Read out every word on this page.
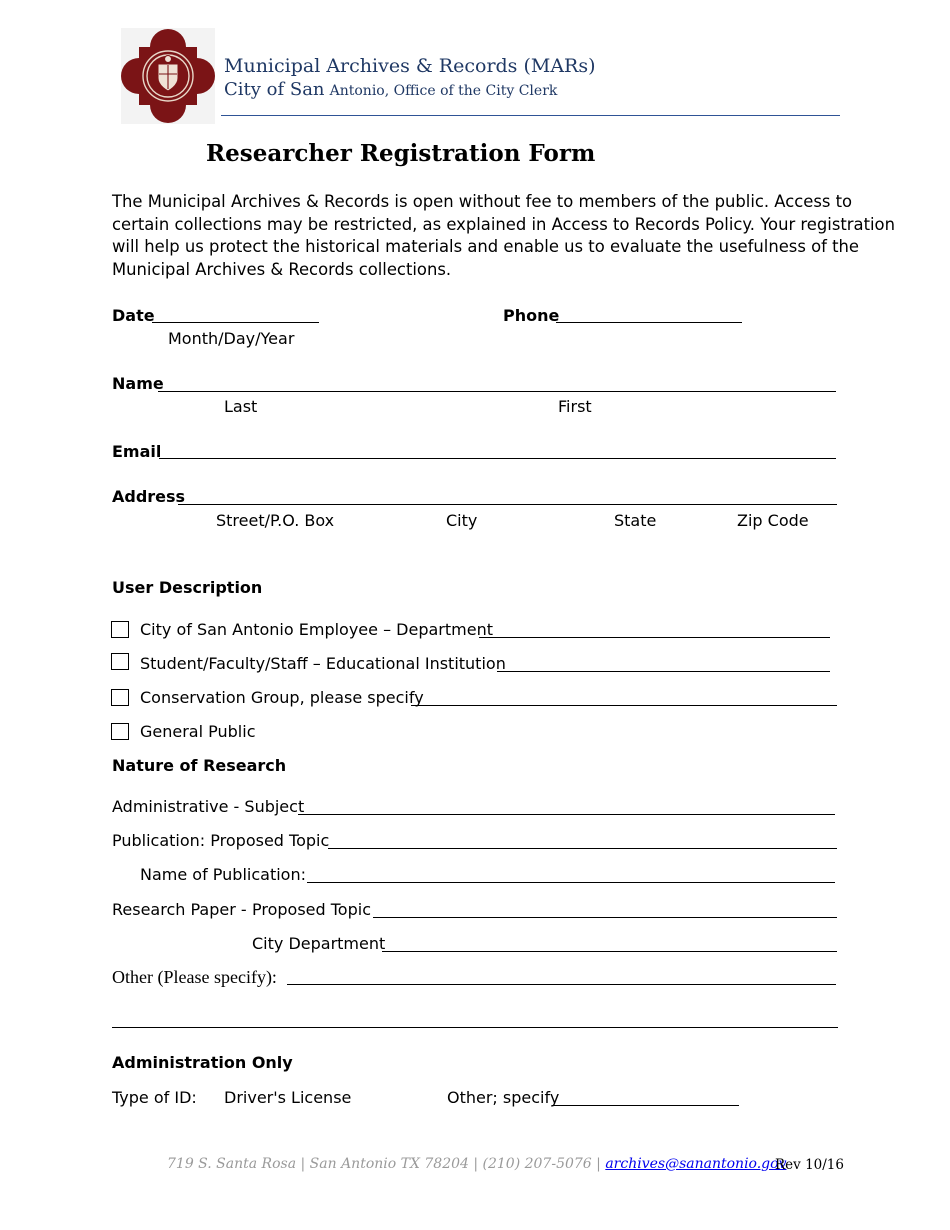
Municipal Archives & Records (MARs)
City of San Antonio, Office of the City Clerk
Researcher Registration Form
The Municipal Archives & Records is open without fee to members of the public. Access to
certain collections may be restricted, as explained in Access to Records Policy. Your registration
will help us protect the historical materials and enable us to evaluate the usefulness of the
Municipal Archives & Records collections.
Date
Month/Day/Year
Phone
Name
Last	First
Email
Address
Street/P.O. Box	City	State	Zip Code
User Description
City of San Antonio Employee – Department
Student/Faculty/Staff – Educational Institution
Conservation Group, please specify
General Public
Nature of Research
Administrative - Subject
Publication: Proposed Topic
Name of Publication:
Research Paper - Proposed Topic
City Department
Other (Please specify):
Administration Only
Type of ID: Driver's License	Other; specify
719 S. Santa Rosa | San Antonio TX 78204 | (210) 207-5076 | archives@sanantonio.gov
Rev 10/16
